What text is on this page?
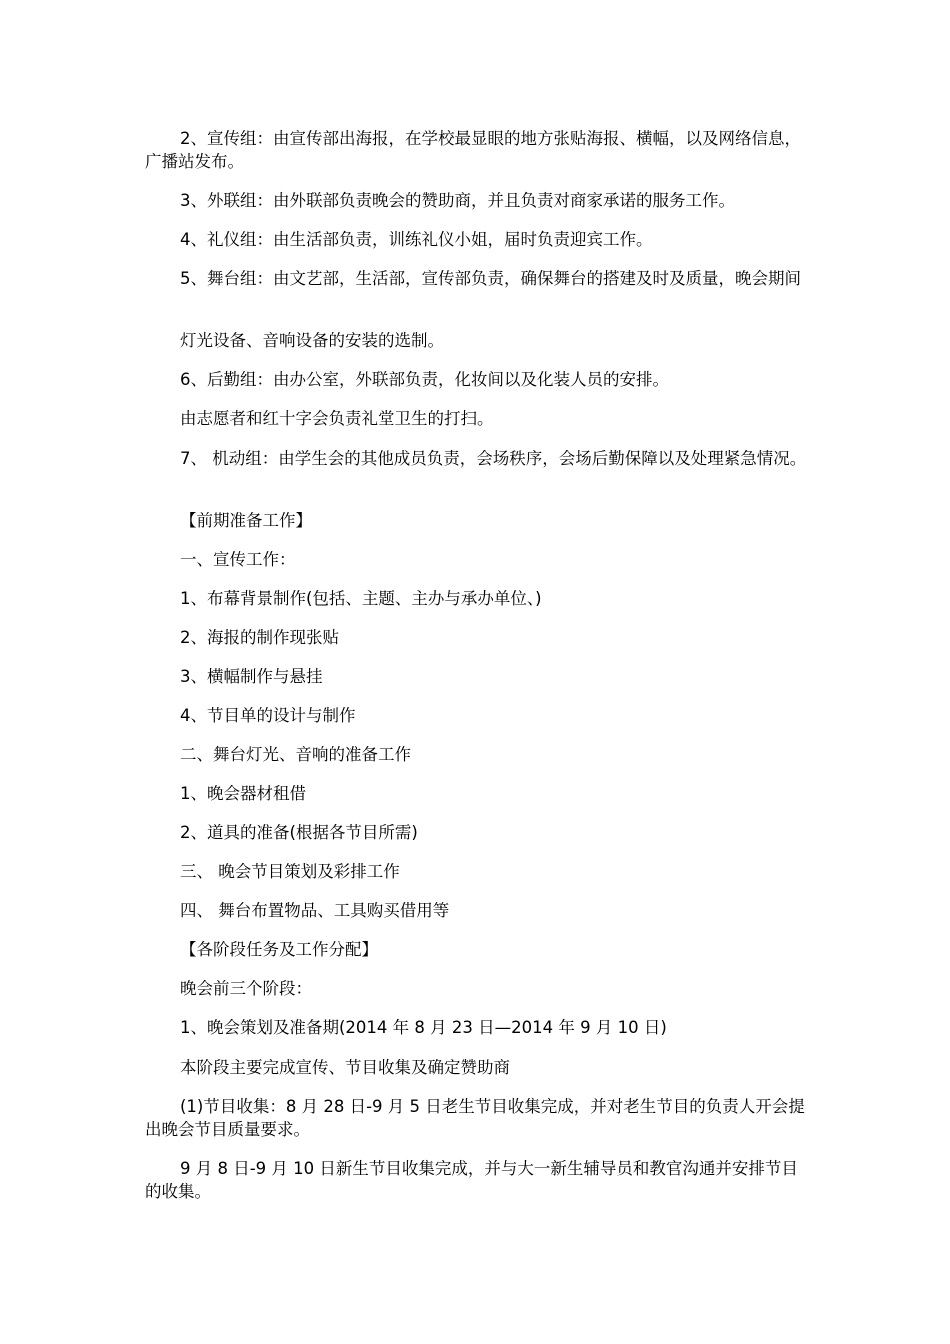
2、宣传组：由宣传部出海报，在学校最显眼的地方张贴海报、横幅，以及网络信息，广播站发布。

3、外联组：由外联部负责晚会的赞助商，并且负责对商家承诺的服务工作。

4、礼仪组：由生活部负责，训练礼仪小姐，届时负责迎宾工作。

5、舞台组：由文艺部，生活部，宣传部负责，确保舞台的搭建及时及质量，晚会期间

灯光设备、音响设备的安装的选制。

6、后勤组：由办公室，外联部负责，化妆间以及化装人员的安排。

由志愿者和红十字会负责礼堂卫生的打扫。

7、 机动组：由学生会的其他成员负责，会场秩序，会场后勤保障以及处理紧急情况。

【前期准备工作】

一、宣传工作：

1、布幕背景制作(包括、主题、主办与承办单位、)

2、海报的制作现张贴

3、横幅制作与悬挂

4、节目单的设计与制作

二、舞台灯光、音响的准备工作

1、晚会器材租借

2、道具的准备(根据各节目所需)

三、 晚会节目策划及彩排工作

四、 舞台布置物品、工具购买借用等

【各阶段任务及工作分配】

晚会前三个阶段：

1、晚会策划及准备期(2014 年 8 月 23 日—2014 年 9 月 10 日)

本阶段主要完成宣传、节目收集及确定赞助商

(1)节目收集：8 月 28 日-9 月 5 日老生节目收集完成，并对老生节目的负责人开会提出晚会节目质量要求。

9 月 8 日-9 月 10 日新生节目收集完成，并与大一新生辅导员和教官沟通并安排节目的收集。
